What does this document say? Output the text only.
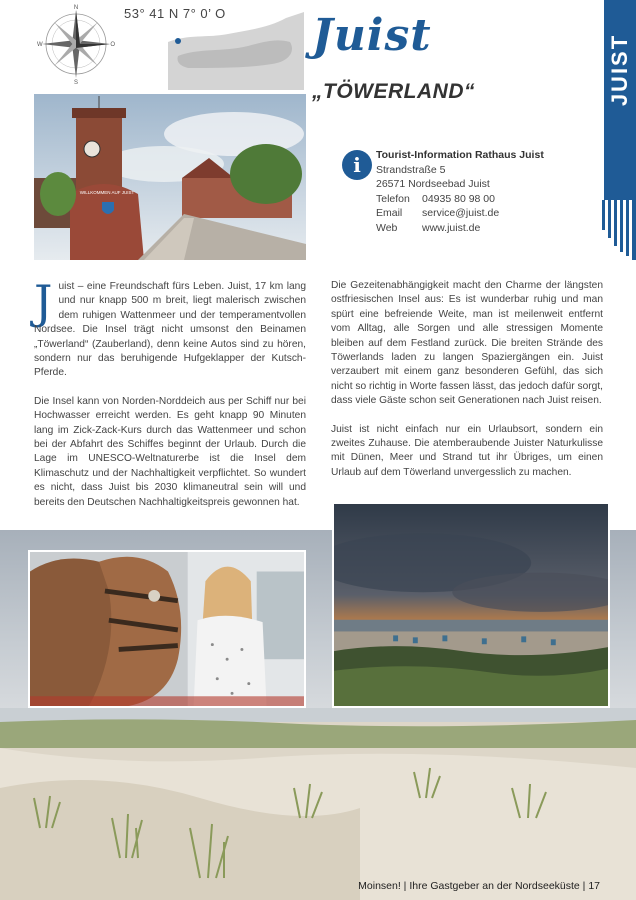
N
O
S
W
53° 41 N 7° 0’ O Juist
„TÖWERLAND“	JUIST
WILLKOMMEN AUF JUIST
i	Tourist-Information Rathaus Juist
Strandstraße 5
26571 Nordseebad Juist
Telefon	04935 80 98 00
Email	service@juist.de
Web	www.juist.de

Juist – eine Freundschaft fürs Leben. Juist, 17 km lang und nur knapp 500 m breit, liegt malerisch zwischen dem ruhigen Wattenmeer und der temperamentvollen Nordsee. Die Insel trägt nicht umsonst den Beinamen „Töwerland“ (Zauberland), denn keine Autos sind zu hören, sondern nur das beruhigende Hufgeklapper der Kutsch-Pferde.

Die Insel kann von Norden-Norddeich aus per Schiff nur bei Hochwasser erreicht werden. Es geht knapp 90 Minuten lang im Zick-Zack-Kurs durch das Wattenmeer und schon bei der Abfahrt des Schiffes beginnt der Urlaub. Durch die Lage im UNESCO-Weltnaturerbe ist die Insel dem Klimaschutz und der Nachhaltigkeit verpflichtet. So wundert es nicht, dass Juist bis 2030 klimaneutral sein will und bereits den Deutschen Nachhaltigkeitspreis gewonnen hat.

Die Gezeitenabhängigkeit macht den Charme der längsten ostfriesischen Insel aus: Es ist wunderbar ruhig und man spürt eine befreiende Weite, man ist meilenweit entfernt vom Alltag, alle Sorgen und alle stressigen Momente bleiben auf dem Festland zurück. Die breiten Strände des Töwerlands laden zu langen Spaziergängen ein. Juist verzaubert mit einem ganz besonderen Gefühl, das sich nicht so richtig in Worte fassen lässt, das jedoch dafür sorgt, dass viele Gäste schon seit Generationen nach Juist reisen.

Juist ist nicht einfach nur ein Urlaubsort, sondern ein zweites Zuhause. Die atemberaubende Juister Naturkulisse mit Dünen, Meer und Strand tut ihr Übriges, um einen Urlaub auf dem Töwerland unvergesslich zu machen.

Moinsen! | Ihre Gastgeber an der Nordseeküste | 17
